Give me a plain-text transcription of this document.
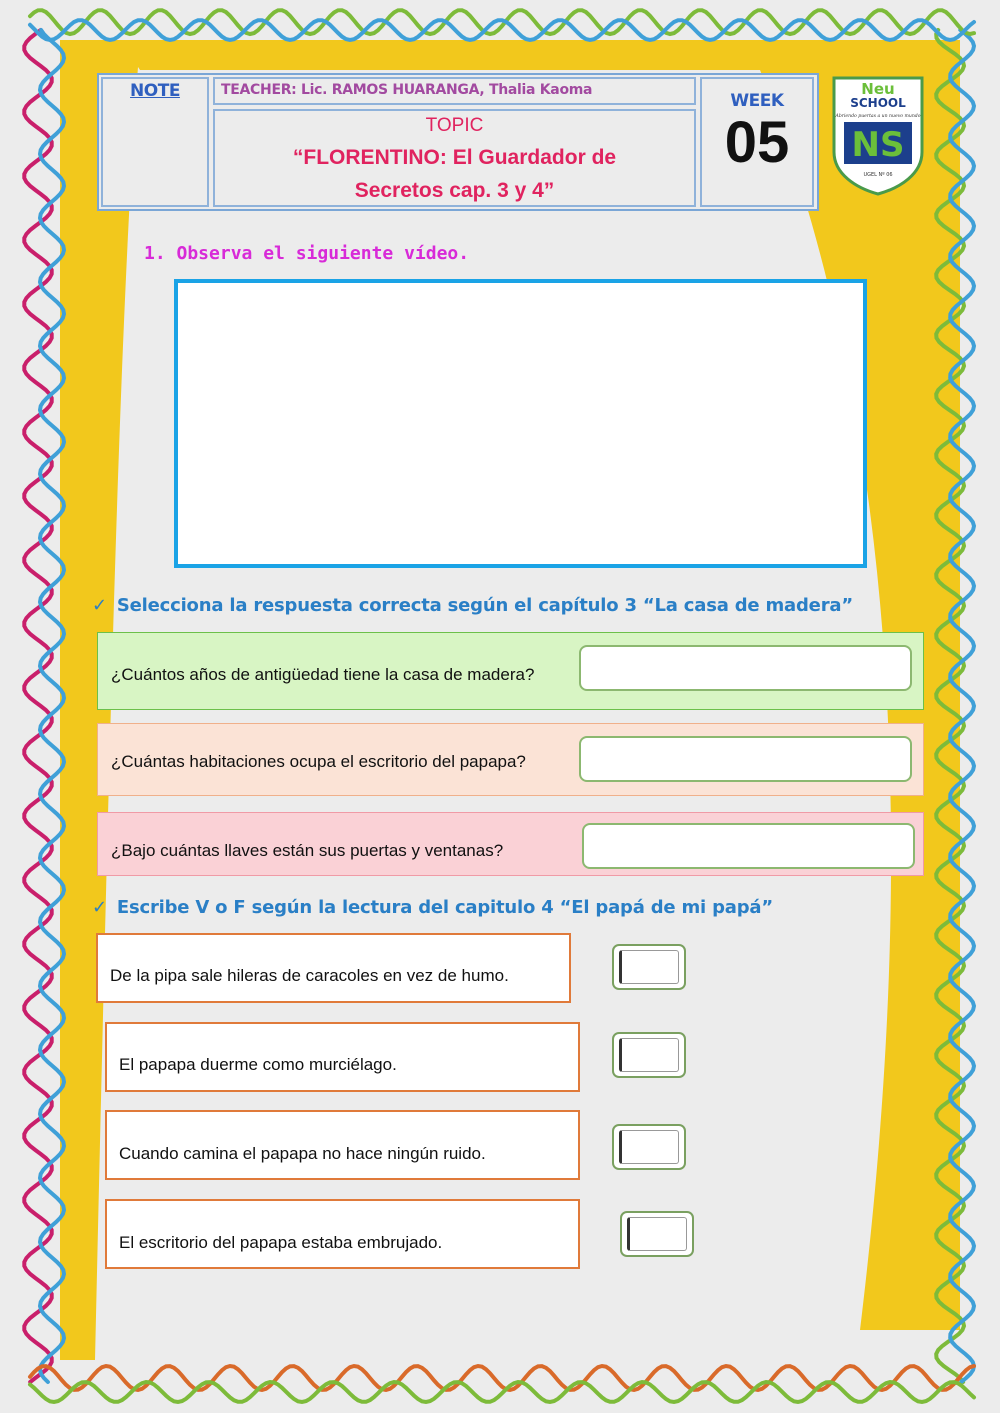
NOTE	TEACHER: Lic. RAMOS HUARANGA, Thalia Kaoma
TOPIC
“FLORENTINO: El Guardador de
Secretos cap. 3 y 4”
WEEK
05
Neu
SCHOOL
Abriendo puertas a un nuevo mundo
NS
UGEL Nº 06
1. Observa el siguiente vídeo.
✓ Selecciona la respuesta correcta según el capítulo 3 “La casa de madera”
¿Cuántos años de antigüedad tiene la casa de madera?
¿Cuántas habitaciones ocupa el escritorio del papapa?
¿Bajo cuántas llaves están sus puertas y ventanas?
✓ Escribe V o F según la lectura del capitulo 4 “El papá de mi papá”
De la pipa sale hileras de caracoles en vez de humo.
El papapa duerme como murciélago.
Cuando camina el papapa no hace ningún ruido.
El escritorio del papapa estaba embrujado.
